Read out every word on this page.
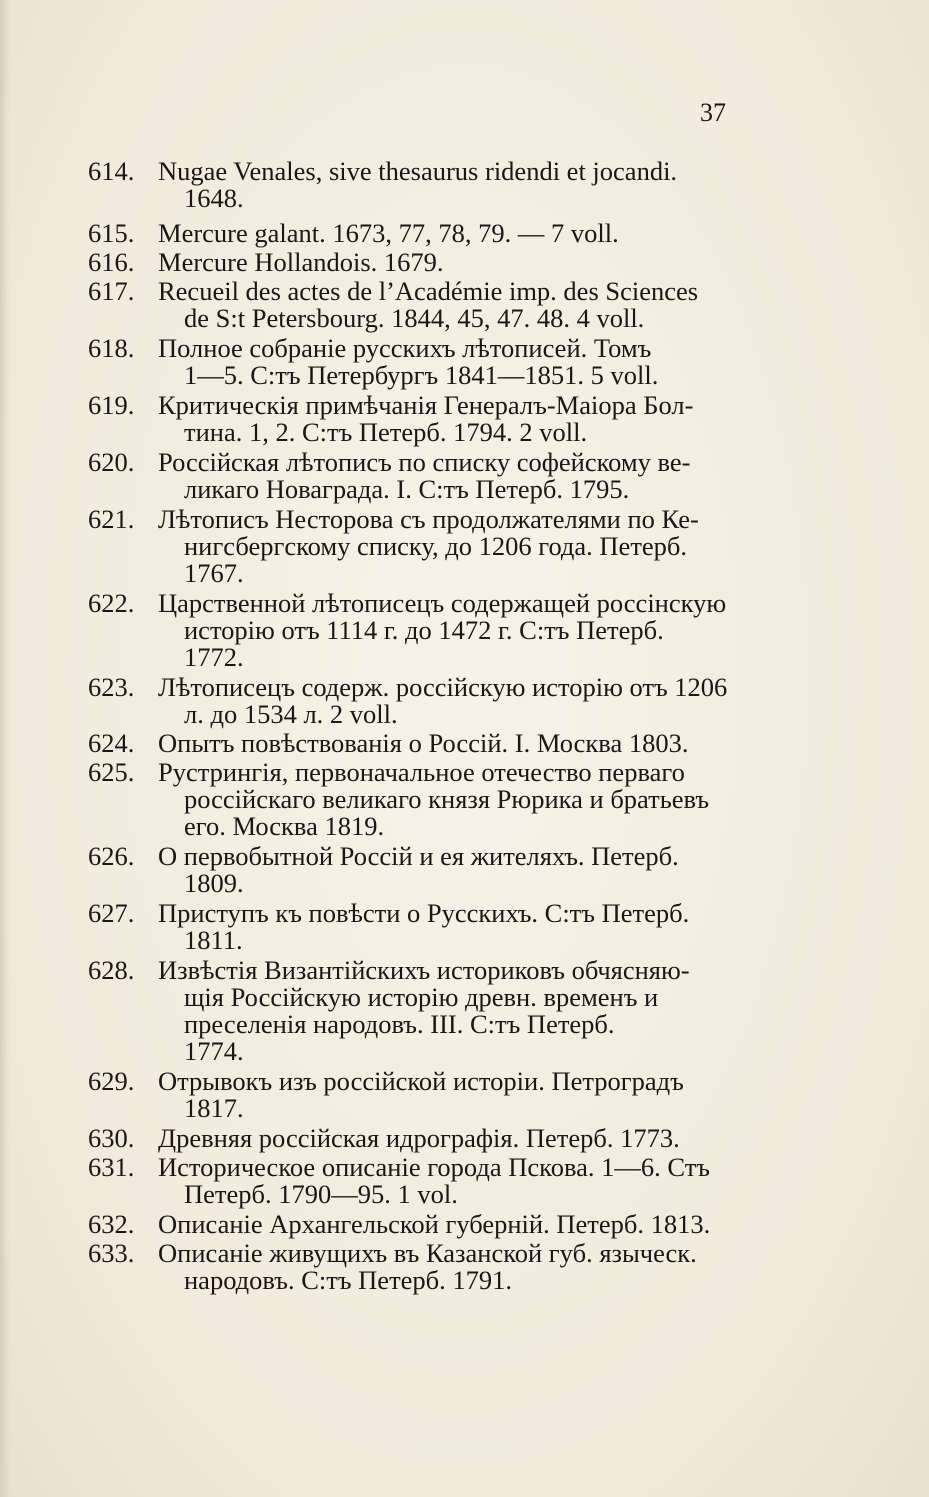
37
614. Nugae Venales, sive thesaurus ridendi et jocandi.
1648.
615. Mercure galant. 1673, 77, 78, 79. — 7 voll.
616. Mercure Hollandois. 1679.
617. Recueil des actes de l’Académie imp. des Sciences
de S:t Petersbourg. 1844, 45, 47. 48. 4 voll.
618. Полное собраніе русскихъ лѣтописей. Томъ
1—5. С:тъ Петербургъ 1841—1851. 5 voll.
619. Критическія примѣчанія Генералъ-Маіора Бол-
тина. 1, 2. С:тъ Петерб. 1794. 2 voll.
620. Россійская лѣтописъ по списку софейскому ве-
ликаго Новаграда. I. С:тъ Петерб. 1795.
621. Лѣтописъ Несторова съ продолжателями по Ке-
нигсбергскому списку, до 1206 года. Петерб.
1767.
622. Царственной лѣтописецъ содержащей россінскую
исторію отъ 1114 г. до 1472 г. С:тъ Петерб.
1772.
623. Лѣтописецъ содерж. россійскую исторію отъ 1206
л. до 1534 л. 2 voll.
624. Опытъ повѣствованія о Россій. I. Москва 1803.
625. Рустрингія, первоначальное отечество перваго
россійскаго великаго князя Рюрика и братьевъ
его. Москва 1819.
626. О первобытной Россій и ея жителяхъ. Петерб.
1809.
627. Приступъ къ повѣсти о Русскихъ. С:тъ Петерб.
1811.
628. Извѣстія Византійскихъ историковъ обчясняю-
щія Россійскую исторію древн. временъ и
преселенія народовъ. III. С:тъ Петерб.
1774.
629. Отрывокъ изъ россійской исторіи. Петроградъ
1817.
630. Древняя россійская идрографія. Петерб. 1773.
631. Историческое описаніе города Пскова. 1—6. Стъ
Петерб. 1790—95. 1 vol.
632. Описаніе Архангельской губерній. Петерб. 1813.
633. Описаніе живущихъ въ Казанской губ. языческ.
народовъ. С:тъ Петерб. 1791.
